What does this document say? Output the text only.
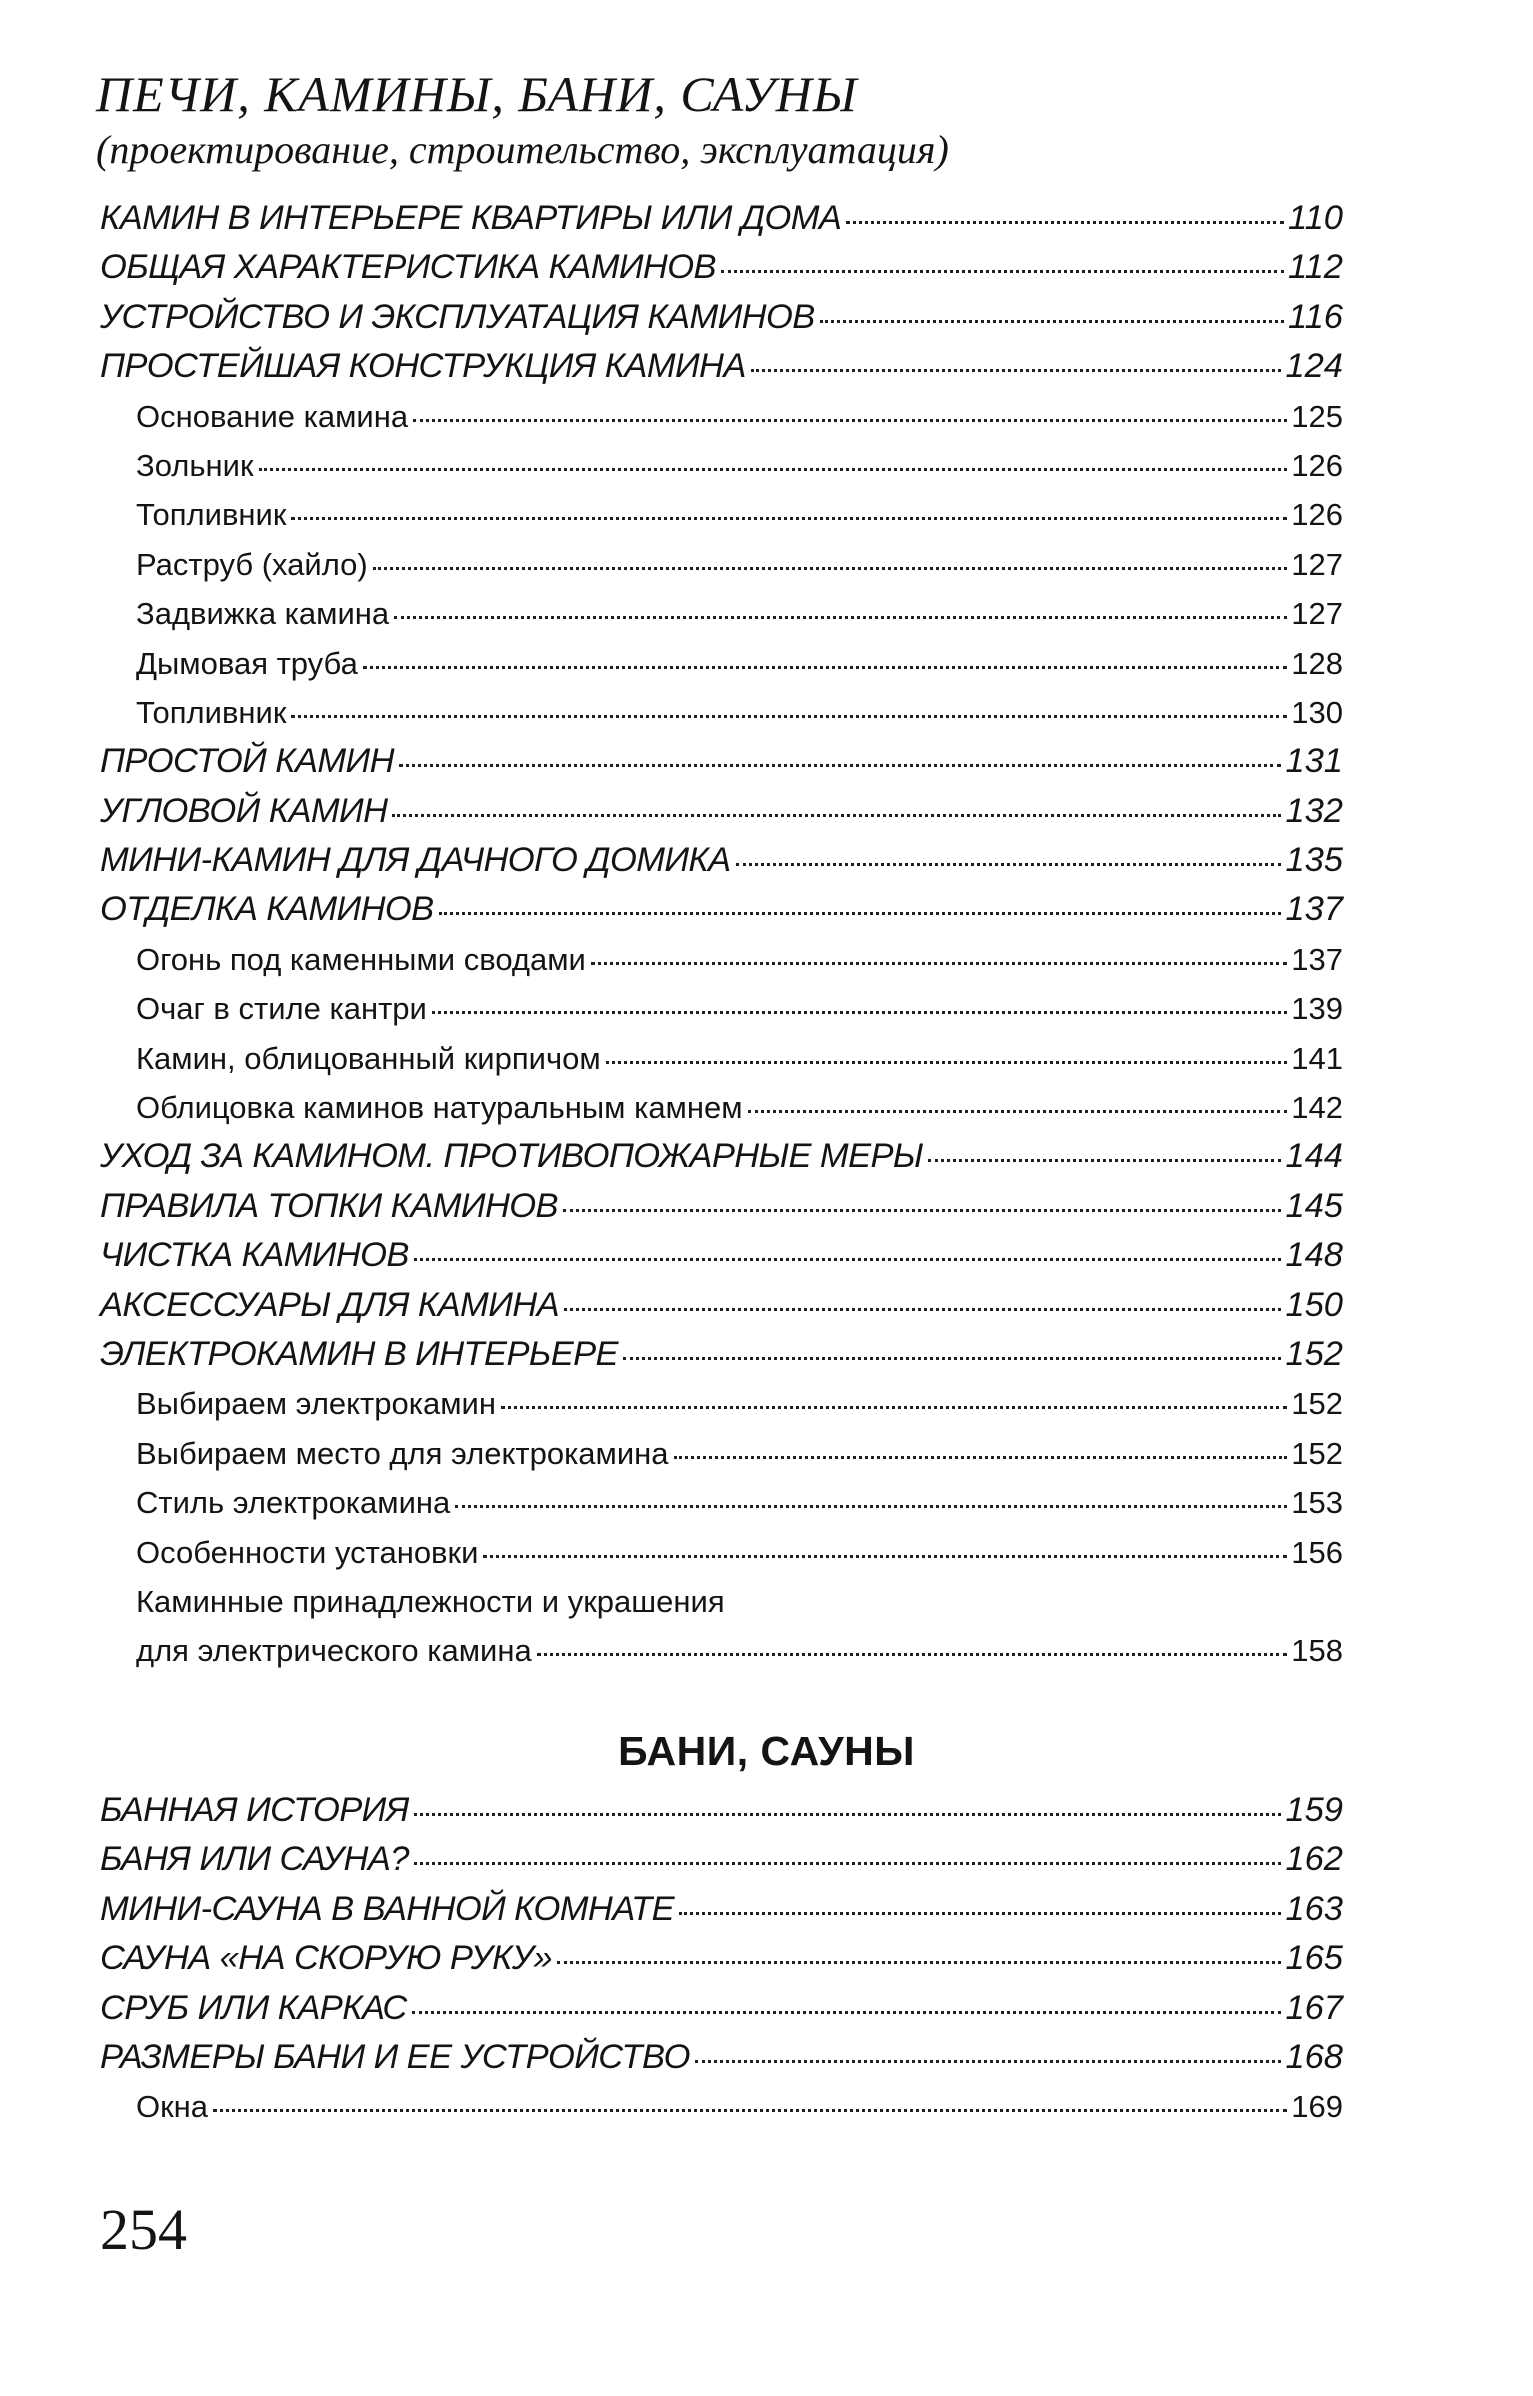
ПЕЧИ, КАМИНЫ, БАНИ, САУНЫ
(проектирование, строительство, эксплуатация)
КАМИН В ИНТЕРЬЕРЕ КВАРТИРЫ ИЛИ ДОМА	110
ОБЩАЯ ХАРАКТЕРИСТИКА КАМИНОВ	112
УСТРОЙСТВО И ЭКСПЛУАТАЦИЯ КАМИНОВ	116
ПРОСТЕЙШАЯ КОНСТРУКЦИЯ КАМИНА	124
Основание камина	125
Зольник	126
Топливник	126
Раструб (хайло)	127
Задвижка камина	127
Дымовая труба	128
Топливник	130
ПРОСТОЙ КАМИН	131
УГЛОВОЙ КАМИН	132
МИНИ-КАМИН ДЛЯ ДАЧНОГО ДОМИКА	135
ОТДЕЛКА КАМИНОВ	137
Огонь под каменными сводами	137
Очаг в стиле кантри	139
Камин, облицованный кирпичом	141
Облицовка каминов натуральным камнем	142
УХОД ЗА КАМИНОМ. ПРОТИВОПОЖАРНЫЕ МЕРЫ	144
ПРАВИЛА ТОПКИ КАМИНОВ	145
ЧИСТКА КАМИНОВ	148
АКСЕССУАРЫ ДЛЯ КАМИНА	150
ЭЛЕКТРОКАМИН В ИНТЕРЬЕРЕ	152
Выбираем электрокамин	152
Выбираем место для электрокамина	152
Стиль электрокамина	153
Особенности установки	156
Каминные принадлежности и украшения
для электрического камина	158
БАНИ, САУНЫ
БАННАЯ ИСТОРИЯ	159
БАНЯ ИЛИ САУНА?	162
МИНИ-САУНА В ВАННОЙ КОМНАТЕ	163
САУНА «НА СКОРУЮ РУКУ»	165
СРУБ ИЛИ КАРКАС	167
РАЗМЕРЫ БАНИ И ЕЕ УСТРОЙСТВО	168
Окна	169
254
